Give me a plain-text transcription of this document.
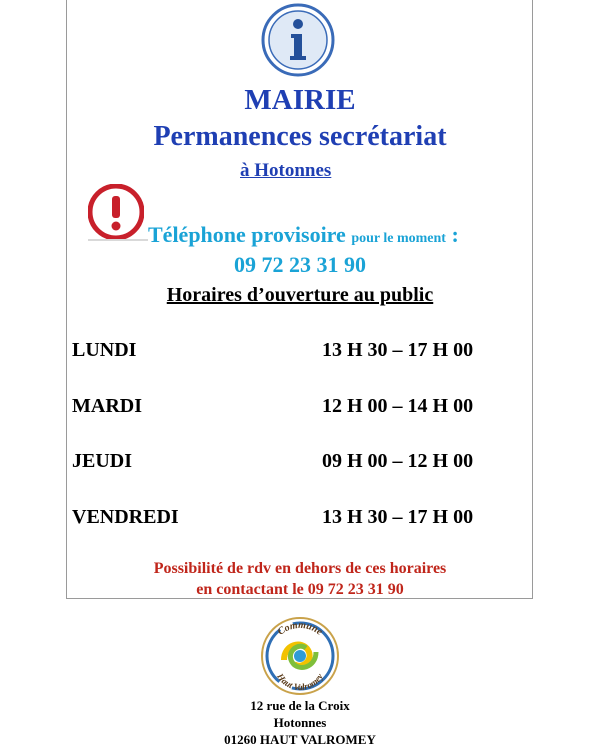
MAIRIE
Permanences secrétariat
à Hotonnes
Téléphone provisoire pour le moment :
09 72 23 31 90
Horaires d’ouverture au public
LUNDI	13 H 30 – 17 H 00
MARDI	12 H 00 – 14 H 00
JEUDI	09 H 00 – 12 H 00
VENDREDI	13 H 30 – 17 H 00
Possibilité de rdv en dehors de ces horaires
en contactant le 09 72 23 31 90
Commune
Haut Valromey
12 rue de la Croix
Hotonnes
01260 HAUT VALROMEY
